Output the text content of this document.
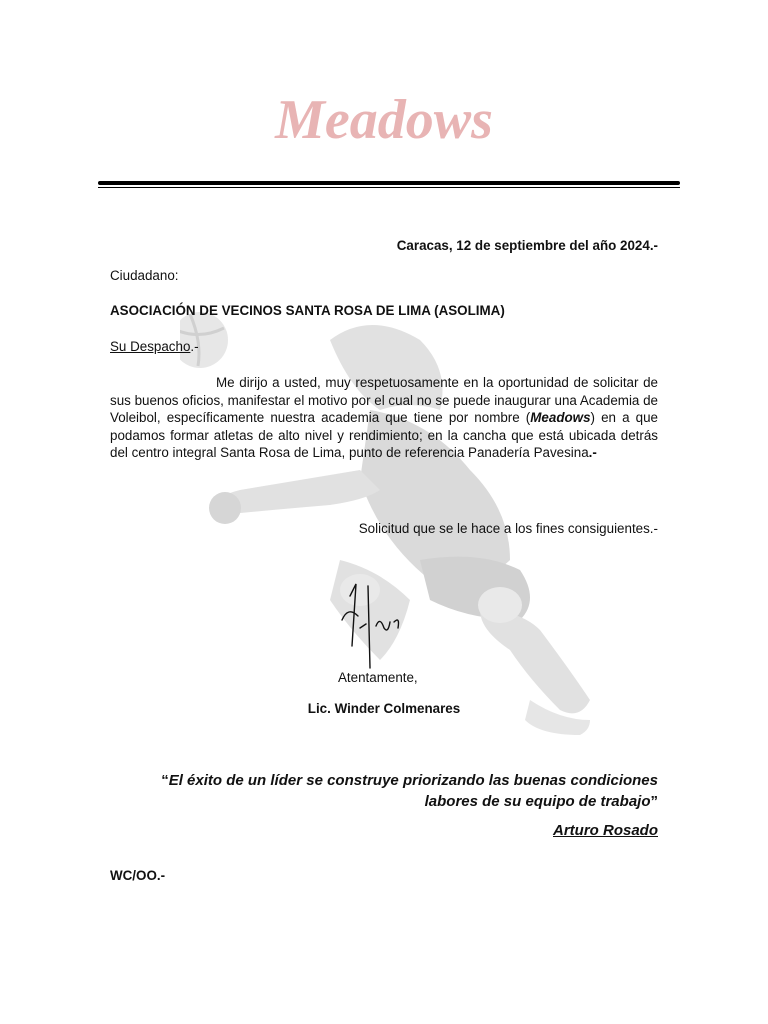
Meadows
Caracas, 12 de septiembre del año 2024.-
Ciudadano:
ASOCIACIÓN DE VECINOS SANTA ROSA DE LIMA (ASOLIMA)
Su Despacho.-
Me dirijo a usted, muy respetuosamente en la oportunidad de solicitar de sus buenos oficios, manifestar el motivo por el cual no se puede inaugurar una Academia de Voleibol, específicamente nuestra academia que tiene por nombre (Meadows) en a que podamos formar atletas de alto nivel y rendimiento; en la cancha que está ubicada detrás del centro integral Santa Rosa de Lima, punto de referencia Panadería Pavesina.-
Solicitud que se le hace a los fines consiguientes.-
Atentamente,
Lic. Winder Colmenares
“El éxito de un líder se construye priorizando las buenas condiciones
labores de su equipo de trabajo”
Arturo Rosado
WC/OO.-
